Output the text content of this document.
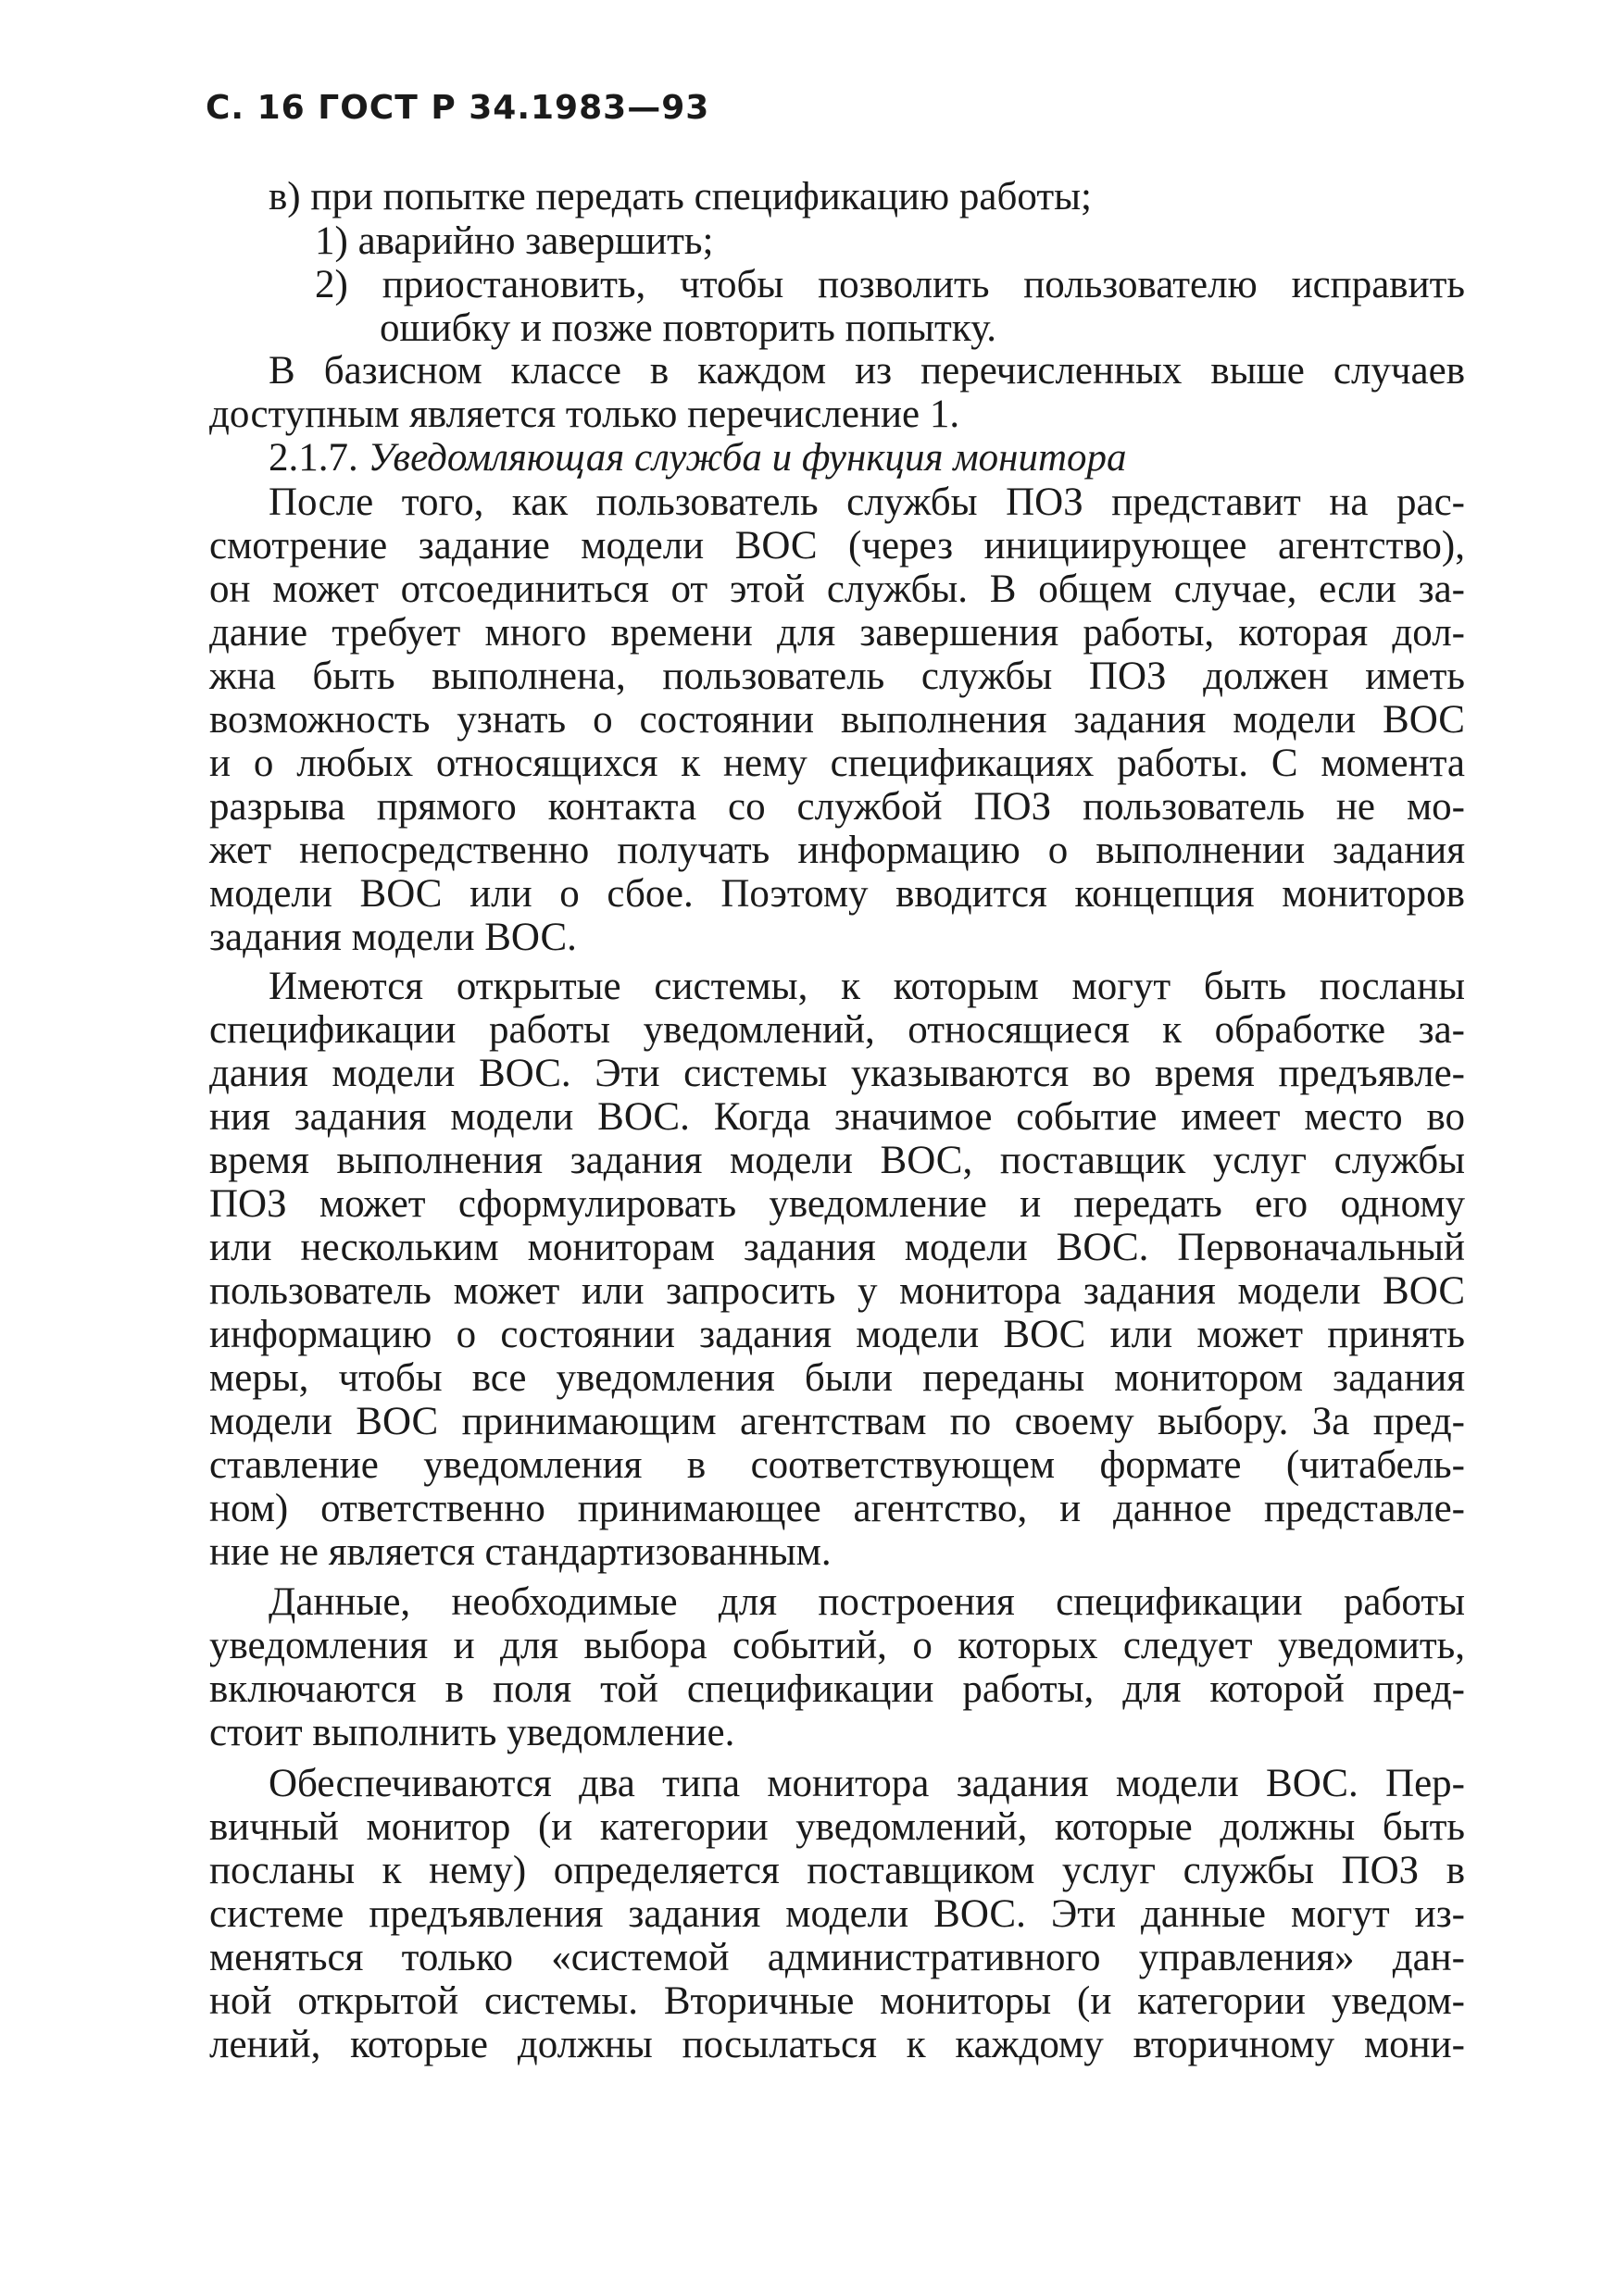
С. 16 ГОСТ Р 34.1983—93
в) при попытке передать спецификацию работы;
1) аварийно завершить;
2) приостановить, чтобы позволить пользователю исправить
ошибку и позже повторить попытку.
В базисном классе в каждом из перечисленных выше случаев
доступным является только перечисление 1.
2.1.7. Уведомляющая служба и функция монитора
После того, как пользователь службы ПОЗ представит на рас-
смотрение задание модели ВОС (через инициирующее агентство),
он может отсоединиться от этой службы. В общем случае, если за-
дание требует много времени для завершения работы, которая дол-
жна быть выполнена, пользователь службы ПОЗ должен иметь
возможность узнать о состоянии выполнения задания модели ВОС
и о любых относящихся к нему спецификациях работы. С момента
разрыва прямого контакта со службой ПОЗ пользователь не мо-
жет непосредственно получать информацию о выполнении задания
модели ВОС или о сбое. Поэтому вводится концепция мониторов
задания модели ВОС.
Имеются открытые системы, к которым могут быть посланы
спецификации работы уведомлений, относящиеся к обработке за-
дания модели ВОС. Эти системы указываются во время предъявле-
ния задания модели ВОС. Когда значимое событие имеет место во
время выполнения задания модели ВОС, поставщик услуг службы
ПОЗ может сформулировать уведомление и передать его одному
или нескольким мониторам задания модели ВОС. Первоначальный
пользователь может или запросить у монитора задания модели ВОС
информацию о состоянии задания модели ВОС или может принять
меры, чтобы все уведомления были переданы монитором задания
модели ВОС принимающим агентствам по своему выбору. За пред-
ставление уведомления в соответствующем формате (читабель-
ном) ответственно принимающее агентство, и данное представле-
ние не является стандартизованным.
Данные, необходимые для построения спецификации работы
уведомления и для выбора событий, о которых следует уведомить,
включаются в поля той спецификации работы, для которой пред-
стоит выполнить уведомление.
Обеспечиваются два типа монитора задания модели ВОС. Пер-
вичный монитор (и категории уведомлений, которые должны быть
посланы к нему) определяется поставщиком услуг службы ПОЗ в
системе предъявления задания модели ВОС. Эти данные могут из-
меняться только «системой административного управления» дан-
ной открытой системы. Вторичные мониторы (и категории уведом-
лений, которые должны посылаться к каждому вторичному мони-
